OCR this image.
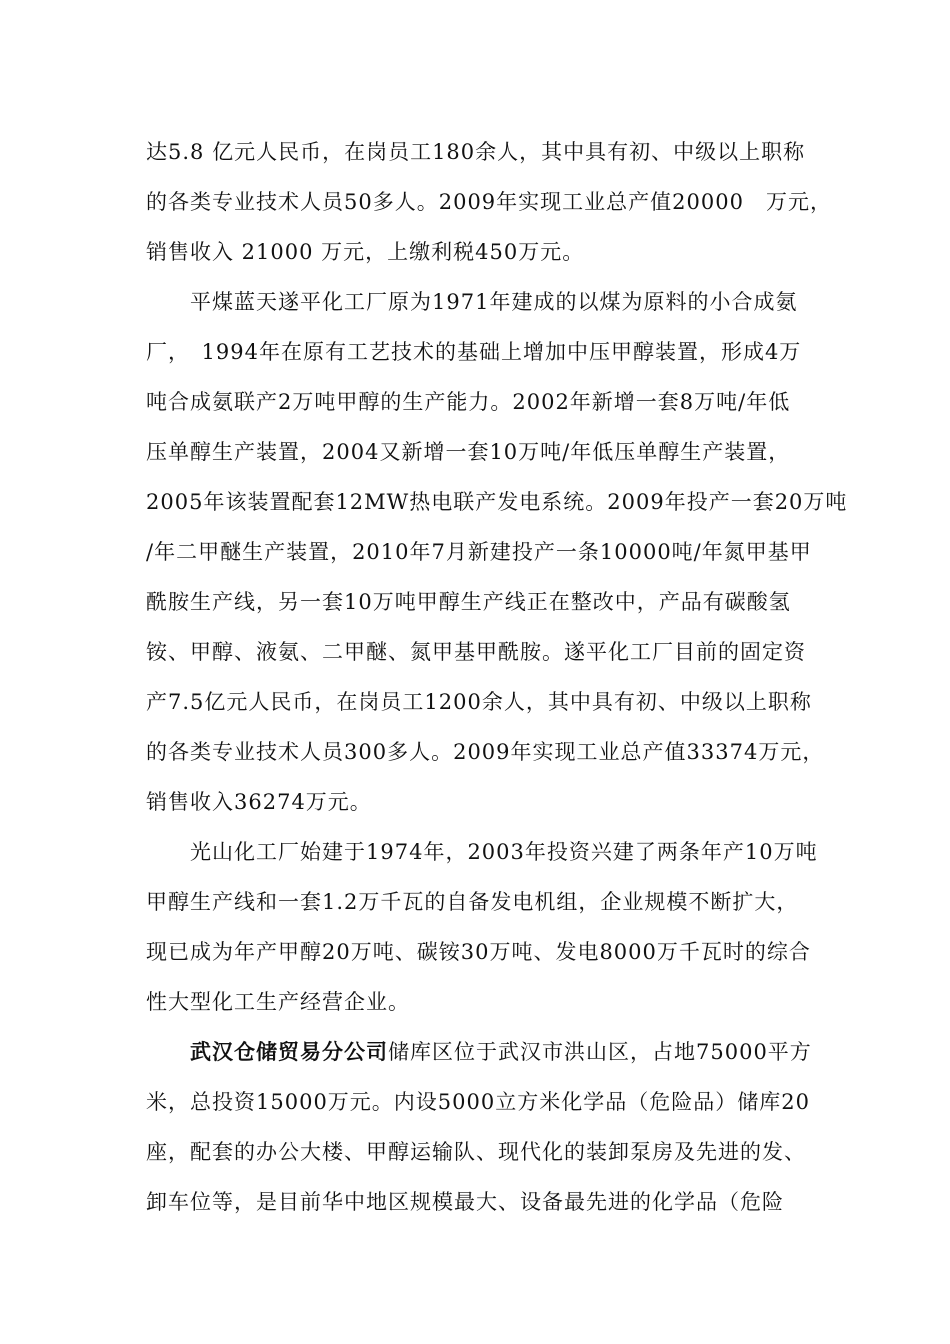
达5.8 亿元人民币，在岗员工180余人，其中具有初、中级以上职称
的各类专业技术人员50多人。2009年实现工业总产值20000　万元，
销售收入 21000 万元，上缴利税450万元。
平煤蓝天遂平化工厂原为1971年建成的以煤为原料的小合成氨
厂，　1994年在原有工艺技术的基础上增加中压甲醇装置，形成4万
吨合成氨联产2万吨甲醇的生产能力。2002年新增一套8万吨/年低
压单醇生产装置，2004又新增一套10万吨/年低压单醇生产装置，
2005年该装置配套12MW热电联产发电系统。2009年投产一套20万吨
/年二甲醚生产装置，2010年7月新建投产一条10000吨/年氮甲基甲
酰胺生产线，另一套10万吨甲醇生产线正在整改中，产品有碳酸氢
铵、甲醇、液氨、二甲醚、氮甲基甲酰胺。遂平化工厂目前的固定资
产7.5亿元人民币，在岗员工1200余人，其中具有初、中级以上职称
的各类专业技术人员300多人。2009年实现工业总产值33374万元，
销售收入36274万元。
光山化工厂始建于1974年，2003年投资兴建了两条年产10万吨
甲醇生产线和一套1.2万千瓦的自备发电机组，企业规模不断扩大，
现已成为年产甲醇20万吨、碳铵30万吨、发电8000万千瓦时的综合
性大型化工生产经营企业。
武汉仓储贸易分公司储库区位于武汉市洪山区，占地75000平方
米，总投资15000万元。内设5000立方米化学品（危险品）储库20
座，配套的办公大楼、甲醇运输队、现代化的装卸泵房及先进的发、
卸车位等，是目前华中地区规模最大、设备最先进的化学品（危险
